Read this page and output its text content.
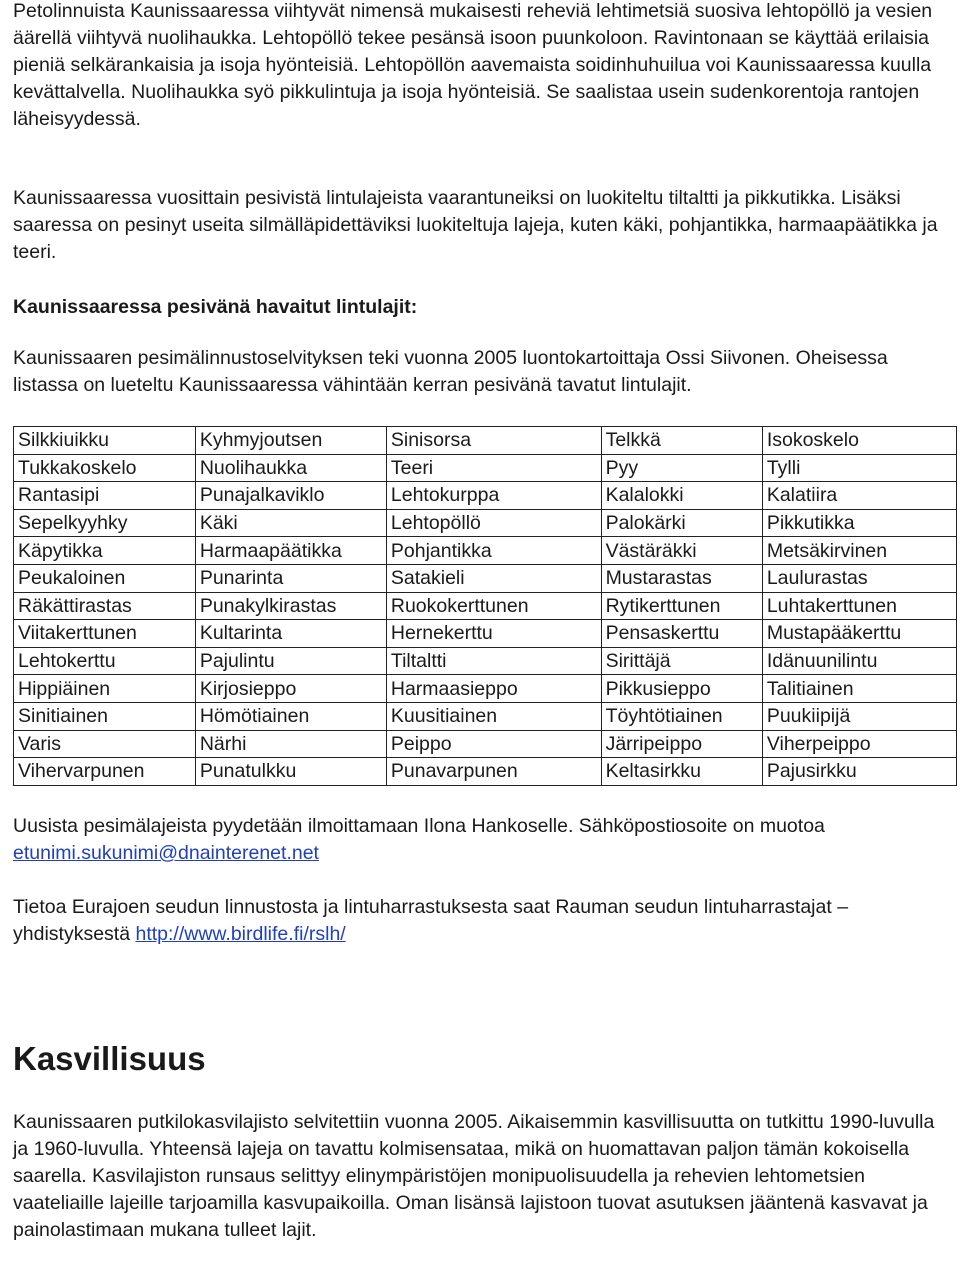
Petolinnuista Kaunissaaressa viihtyvät nimensä mukaisesti reheviä lehtimetsiä suosiva lehtopöllö ja vesien äärellä viihtyvä nuolihaukka. Lehtopöllö tekee pesänsä isoon puunkoloon. Ravintonaan se käyttää erilaisia pieniä selkärankaisia ja isoja hyönteisiä. Lehtopöllön aavemaista soidinhuhuilua voi Kaunissaaressa kuulla kevättalvella. Nuolihaukka syö pikkulintuja ja isoja hyönteisiä. Se saalistaa usein sudenkorentoja rantojen läheisyydessä.

Kaunissaaressa vuosittain pesivistä lintulajeista vaarantuneiksi on luokiteltu tiltaltti ja pikkutikka. Lisäksi saaressa on pesinyt useita silmälläpidettäviksi luokiteltuja lajeja, kuten käki, pohjantikka, harmaapäätikka ja teeri.

Kaunissaaressa pesivänä havaitut lintulajit:

Kaunissaaren pesimälinnustoselvityksen teki vuonna 2005 luontokartoittaja Ossi Siivonen. Oheisessa listassa on lueteltu Kaunissaaressa vähintään kerran pesivänä tavatut lintulajit.

Silkkiuikku	Kyhmyjoutsen	Sinisorsa	Telkkä	Isokoskelo
Tukkakoskelo	Nuolihaukka	Teeri	Pyy	Tylli
Rantasipi	Punajalkaviklo	Lehtokurppa	Kalalokki	Kalatiira
Sepelkyyhky	Käki	Lehtopöllö	Palokärki	Pikkutikka
Käpytikka	Harmaapäätikka	Pohjantikka	Västäräkki	Metsäkirvinen
Peukaloinen	Punarinta	Satakieli	Mustarastas	Laulurastas
Räkättirastas	Punakylkirastas	Ruokokerttunen	Rytikerttunen	Luhtakerttunen
Viitakerttunen	Kultarinta	Hernekerttu	Pensaskerttu	Mustapääkerttu
Lehtokerttu	Pajulintu	Tiltaltti	Sirittäjä	Idänuunilintu
Hippiäinen	Kirjosieppo	Harmaasieppo	Pikkusieppo	Talitiainen
Sinitiainen	Hömötiainen	Kuusitiainen	Töyhtötiainen	Puukiipijä
Varis	Närhi	Peippo	Järripeippo	Viherpeippo
Vihervarpunen	Punatulkku	Punavarpunen	Keltasirkku	Pajusirkku

Uusista pesimälajeista pyydetään ilmoittamaan Ilona Hankoselle. Sähköpostiosoite on muotoa etunimi.sukunimi@dnainterenet.net

Tietoa Eurajoen seudun linnustosta ja lintuharrastuksesta saat Rauman seudun lintuharrastajat –yhdistyksestä http://www.birdlife.fi/rslh/

Kasvillisuus

Kaunissaaren putkilokasvilajisto selvitettiin vuonna 2005. Aikaisemmin kasvillisuutta on tutkittu 1990-luvulla ja 1960-luvulla. Yhteensä lajeja on tavattu kolmisensataa, mikä on huomattavan paljon tämän kokoisella saarella. Kasvilajiston runsaus selittyy elinympäristöjen monipuolisuudella ja rehevien lehtometsien vaateliaille lajeille tarjoamilla kasvupaikoilla. Oman lisänsä lajistoon tuovat asutuksen jääntenä kasvavat ja painolastimaan mukana tulleet lajit.
